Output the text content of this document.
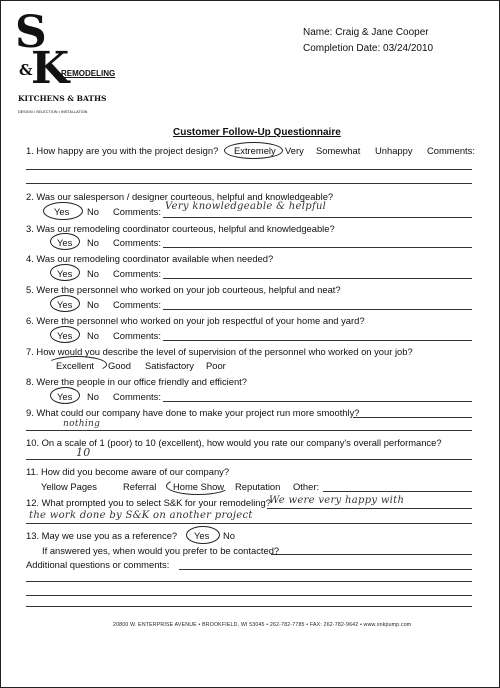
S
&
K
REMODELING
KITCHENS & BATHS
DESIGN • SELECTION • INSTALLATION
Name: Craig & Jane Cooper
Completion Date: 03/24/2010
Customer Follow-Up Questionnaire
1. How happy are you with the project design? Extremely Very Somewhat Unhappy Comments:
2. Was our salesperson / designer courteous, helpful and knowledgeable?
Yes No Comments: Very knowledgeable & helpful
3. Was our remodeling coordinator courteous, helpful and knowledgeable?
Yes No Comments:
4. Was our remodeling coordinator available when needed?
Yes No Comments:
5. Were the personnel who worked on your job courteous, helpful and neat?
Yes No Comments:
6. Were the personnel who worked on your job respectful of your home and yard?
Yes No Comments:
7. How would you describe the level of supervision of the personnel who worked on your job?
Excellent Good Satisfactory Poor
8. Were the people in our office friendly and efficient?
Yes No Comments:
9. What could our company have done to make your project run more smoothly?
nothing
10. On a scale of 1 (poor) to 10 (excellent), how would you rate our company's overall performance?
10
11. How did you become aware of our company?
Yellow Pages	Referral Home Show Reputation Other:
12. What prompted you to select S&K for your remodeling?
We were very happy with
the work done by S&K on another project
13. May we use you as a reference? Yes No
If answered yes, when would you prefer to be contacted?
Additional questions or comments:
20800 W. ENTERPRISE AVENUE • BROOKFIELD, WI 53045 • 262-782-7785 • FAX: 262-782-9642 • www.snkpump.com
